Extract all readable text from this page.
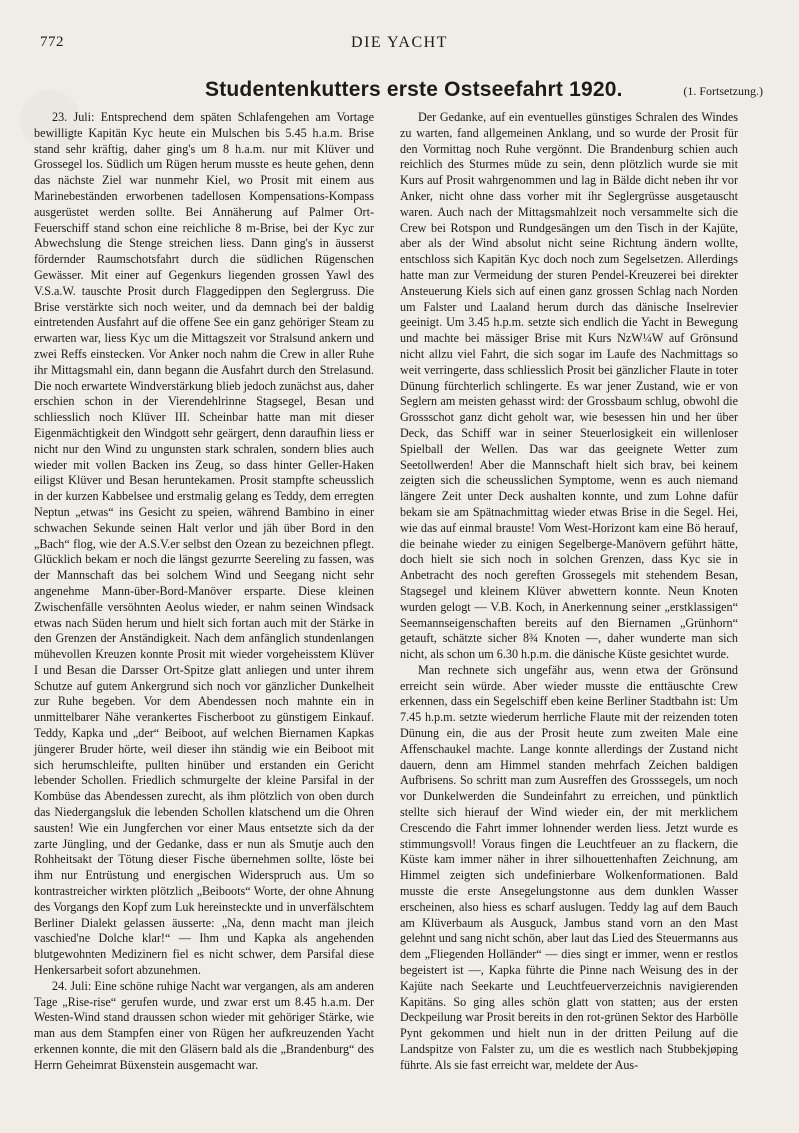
772	DIE YACHT
Studentenkutters erste Ostseefahrt 1920.	(1. Fortsetzung.)

23. Juli: Entsprechend dem späten Schlafengehen am Vortage bewilligte Kapitän Kyc heute ein Mulschen bis 5.45 h.a.m. Brise stand sehr kräftig, daher ging's um 8 h.a.m. nur mit Klüver und Grossegel los. Südlich um Rügen herum musste es heute gehen, denn das nächste Ziel war nunmehr Kiel, wo Prosit mit einem aus Marinebeständen erworbenen tadellosen Kompensations-Kompass ausgerüstet werden sollte. Bei Annäherung auf Palmer Ort-Feuerschiff stand schon eine reichliche 8 m-Brise, bei der Kyc zur Abwechslung die Stenge streichen liess. Dann ging's in äusserst fördernder Raumschotsfahrt durch die südlichen Rügenschen Gewässer. Mit einer auf Gegenkurs liegenden grossen Yawl des V.S.a.W. tauschte Prosit durch Flaggedippen den Seglergruss. Die Brise verstärkte sich noch weiter, und da demnach bei der baldig eintretenden Ausfahrt auf die offene See ein ganz gehöriger Steam zu erwarten war, liess Kyc um die Mittagszeit vor Stralsund ankern und zwei Reffs einstecken. Vor Anker noch nahm die Crew in aller Ruhe ihr Mittagsmahl ein, dann begann die Ausfahrt durch den Strelasund. Die noch erwartete Windverstärkung blieb jedoch zunächst aus, daher erschien schon in der Vierendehlrinne Stagsegel, Besan und schliesslich noch Klüver III. Scheinbar hatte man mit dieser Eigenmächtigkeit den Windgott sehr geärgert, denn daraufhin liess er nicht nur den Wind zu ungunsten stark schralen, sondern blies auch wieder mit vollen Backen ins Zeug, so dass hinter Geller-Haken eiligst Klüver und Besan heruntekamen. Prosit stampfte scheusslich in der kurzen Kabbelsee und erstmalig gelang es Teddy, dem erregten Neptun „etwas“ ins Gesicht zu speien, während Bambino in einer schwachen Sekunde seinen Halt verlor und jäh über Bord in den „Bach“ flog, wie der A.S.V.er selbst den Ozean zu bezeichnen pflegt. Glücklich bekam er noch die längst gezurrte Seereling zu fassen, was der Mannschaft das bei solchem Wind und Seegang nicht sehr angenehme Mann-über-Bord-Manöver ersparte. Diese kleinen Zwischenfälle versöhnten Aeolus wieder, er nahm seinen Windsack etwas nach Süden herum und hielt sich fortan auch mit der Stärke in den Grenzen der Anständigkeit. Nach dem anfänglich stundenlangen mühevollen Kreuzen konnte Prosit mit wieder vorgeheisstem Klüver I und Besan die Darsser Ort-Spitze glatt anliegen und unter ihrem Schutze auf gutem Ankergrund sich noch vor gänzlicher Dunkelheit zur Ruhe begeben. Vor dem Abendessen noch mahnte ein in unmittelbarer Nähe verankertes Fischerboot zu günstigem Einkauf. Teddy, Kapka und „der“ Beiboot, auf welchen Biernamen Kapkas jüngerer Bruder hörte, weil dieser ihn ständig wie ein Beiboot mit sich herumschleifte, pullten hinüber und erstanden ein Gericht lebender Schollen. Friedlich schmurgelte der kleine Parsifal in der Kombüse das Abendessen zurecht, als ihm plötzlich von oben durch das Niedergangsluk die lebenden Schollen klatschend um die Ohren sausten! Wie ein Jungferchen vor einer Maus entsetzte sich da der zarte Jüngling, und der Gedanke, dass er nun als Smutje auch den Rohheitsakt der Tötung dieser Fische übernehmen sollte, löste bei ihm nur Entrüstung und energischen Widerspruch aus. Um so kontrastreicher wirkten plötzlich „Beiboots“ Worte, der ohne Ahnung des Vorgangs den Kopf zum Luk hereinsteckte und in unverfälschtem Berliner Dialekt gelassen äusserte: „Na, denn macht man jleich vaschied'ne Dolche klar!“ — Ihm und Kapka als angehenden blutgewohnten Medizinern fiel es nicht schwer, dem Parsifal diese Henkersarbeit sofort abzunehmen.

24. Juli: Eine schöne ruhige Nacht war vergangen, als am anderen Tage „Rise-rise“ gerufen wurde, und zwar erst um 8.45 h.a.m. Der Westen-Wind stand draussen schon wieder mit gehöriger Stärke, wie man aus dem Stampfen einer von Rügen her aufkreuzenden Yacht erkennen konnte, die mit den Gläsern bald als die „Brandenburg“ des Herrn Geheimrat Büxenstein ausgemacht war.

Der Gedanke, auf ein eventuelles günstiges Schralen des Windes zu warten, fand allgemeinen Anklang, und so wurde der Prosit für den Vormittag noch Ruhe vergönnt. Die Brandenburg schien auch reichlich des Sturmes müde zu sein, denn plötzlich wurde sie mit Kurs auf Prosit wahrgenommen und lag in Bälde dicht neben ihr vor Anker, nicht ohne dass vorher mit ihr Seglergrüsse ausgetauscht waren. Auch nach der Mittagsmahlzeit noch versammelte sich die Crew bei Rotspon und Rundgesängen um den Tisch in der Kajüte, aber als der Wind absolut nicht seine Richtung ändern wollte, entschloss sich Kapitän Kyc doch noch zum Segelsetzen. Allerdings hatte man zur Vermeidung der sturen Pendel-Kreuzerei bei direkter Ansteuerung Kiels sich auf einen ganz grossen Schlag nach Norden um Falster und Laaland herum durch das dänische Inselrevier geeinigt. Um 3.45 h.p.m. setzte sich endlich die Yacht in Bewegung und machte bei mässiger Brise mit Kurs NzW¼W auf Grönsund nicht allzu viel Fahrt, die sich sogar im Laufe des Nachmittags so weit verringerte, dass schliesslich Prosit bei gänzlicher Flaute in toter Dünung fürchterlich schlingerte. Es war jener Zustand, wie er von Seglern am meisten gehasst wird: der Grossbaum schlug, obwohl die Grossschot ganz dicht geholt war, wie besessen hin und her über Deck, das Schiff war in seiner Steuerlosigkeit ein willenloser Spielball der Wellen. Das war das geeignete Wetter zum Seetollwerden! Aber die Mannschaft hielt sich brav, bei keinem zeigten sich die scheusslichen Symptome, wenn es auch niemand längere Zeit unter Deck aushalten konnte, und zum Lohne dafür bekam sie am Spätnachmittag wieder etwas Brise in die Segel. Hei, wie das auf einmal brauste! Vom West-Horizont kam eine Bö herauf, die beinahe wieder zu einigen Segelberge-Manövern geführt hätte, doch hielt sie sich noch in solchen Grenzen, dass Kyc sie in Anbetracht des noch gereften Grossegels mit stehendem Besan, Stagsegel und kleinem Klüver abwettern konnte. Neun Knoten wurden gelogt — V.B. Koch, in Anerkennung seiner „erstklassigen“ Seemannseigenschaften bereits auf den Biernamen „Grünhorn“ getauft, schätzte sicher 8¾ Knoten —, daher wunderte man sich nicht, als schon um 6.30 h.p.m. die dänische Küste gesichtet wurde.

Man rechnete sich ungefähr aus, wenn etwa der Grönsund erreicht sein würde. Aber wieder musste die enttäuschte Crew erkennen, dass ein Segelschiff eben keine Berliner Stadtbahn ist: Um 7.45 h.p.m. setzte wiederum herrliche Flaute mit der reizenden toten Dünung ein, die aus der Prosit heute zum zweiten Male eine Affenschaukel machte. Lange konnte allerdings der Zustand nicht dauern, denn am Himmel standen mehrfach Zeichen baldigen Aufbrisens. So schritt man zum Ausreffen des Grosssegels, um noch vor Dunkelwerden die Sundeinfahrt zu erreichen, und pünktlich stellte sich hierauf der Wind wieder ein, der mit merklichem Crescendo die Fahrt immer lohnender werden liess. Jetzt wurde es stimmungsvoll! Voraus fingen die Leuchtfeuer an zu flackern, die Küste kam immer näher in ihrer silhouettenhaften Zeichnung, am Himmel zeigten sich undefinierbare Wolkenformationen. Bald musste die erste Ansegelungstonne aus dem dunklen Wasser erscheinen, also hiess es scharf auslugen. Teddy lag auf dem Bauch am Klüverbaum als Ausguck, Jambus stand vorn an den Mast gelehnt und sang nicht schön, aber laut das Lied des Steuermanns aus dem „Fliegenden Holländer“ — dies singt er immer, wenn er restlos begeistert ist —, Kapka führte die Pinne nach Weisung des in der Kajüte nach Seekarte und Leuchtfeuerverzeichnis navigierenden Kapitäns. So ging alles schön glatt von statten; aus der ersten Deckpeilung war Prosit bereits in den rot-grünen Sektor des Harbölle Pynt gekommen und hielt nun in der dritten Peilung auf die Landspitze von Falster zu, um die es westlich nach Stubbekjøping führte. Als sie fast erreicht war, meldete der Aus-
